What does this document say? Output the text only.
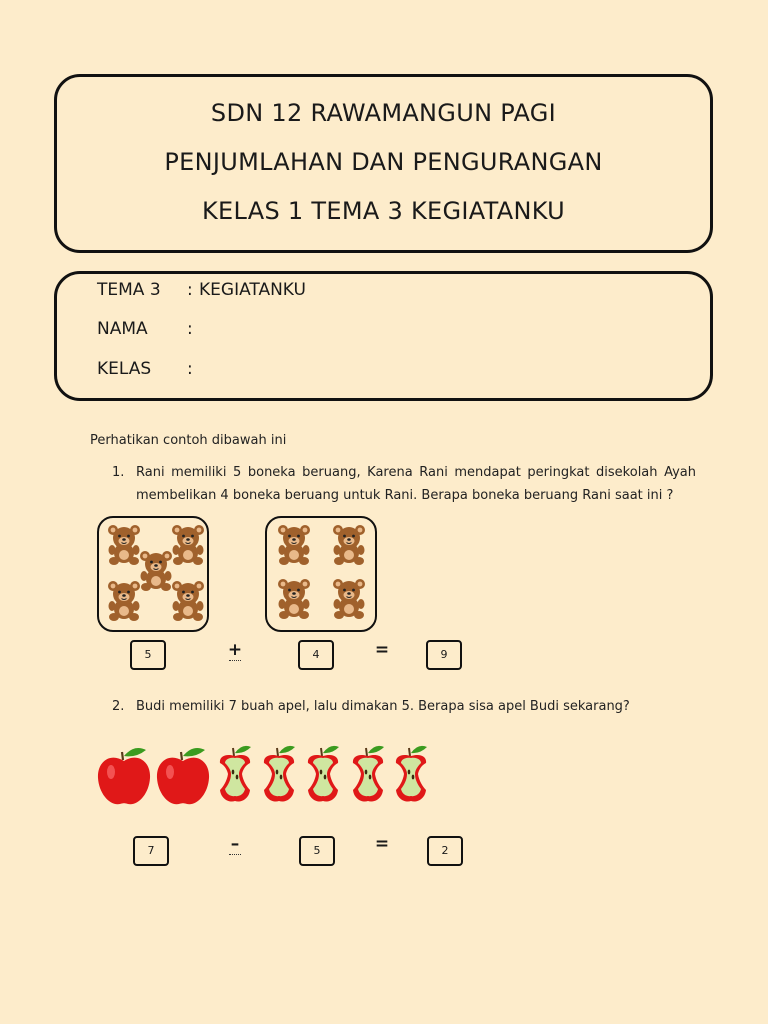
SDN 12 RAWAMANGUN PAGI
PENJUMLAHAN DAN PENGURANGAN
KELAS 1 TEMA 3 KEGIATANKU
TEMA 3 : KEGIATANKU
NAMA :
KELAS :
Perhatikan contoh dibawah ini
1. Rani memiliki 5 boneka beruang, Karena Rani mendapat peringkat disekolah Ayah
membelikan 4 boneka beruang untuk Rani. Berapa boneka beruang Rani saat ini ?
5	+	4	=	9
2. Budi memiliki 7 buah apel, lalu dimakan 5. Berapa sisa apel Budi sekarang?
7	–	5	=	2
